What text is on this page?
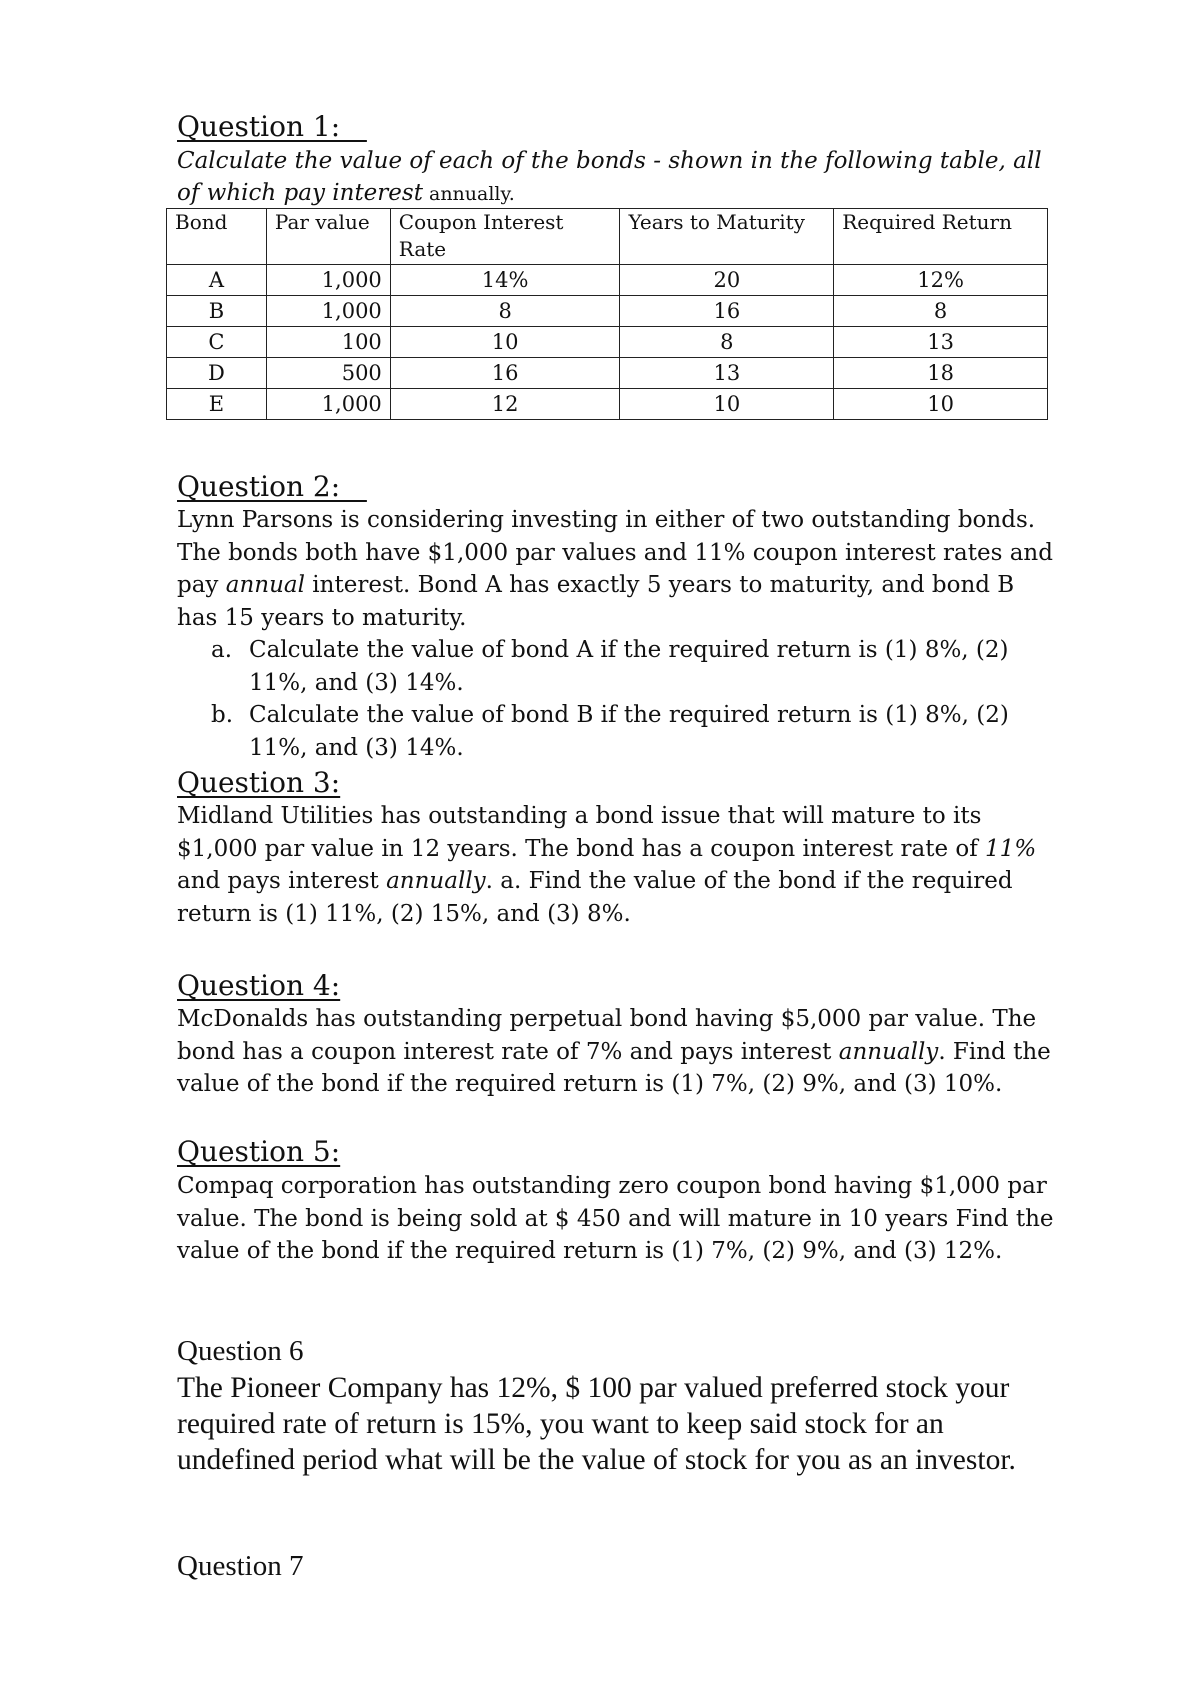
Question 1:

Calculate the value of each of the bonds - shown in the following table, all of which pay interest annually.

Bond	Par value	Coupon Interest Rate	Years to Maturity	Required Return
A	1,000	14%	20	12%
B	1,000	8	16	8
C	100	10	8	13
D	500	16	13	18
E	1,000	12	10	10
Question 2:

Lynn Parsons is considering investing in either of two outstanding bonds. The bonds both have $1,000 par values and 11% coupon interest rates and pay annual interest. Bond A has exactly 5 years to maturity, and bond B has 15 years to maturity.

a. Calculate the value of bond A if the required return is (1) 8%, (2) 11%, and (3) 14%.
b. Calculate the value of bond B if the required return is (1) 8%, (2) 11%, and (3) 14%.
Question 3:

Midland Utilities has outstanding a bond issue that will mature to its $1,000 par value in 12 years. The bond has a coupon interest rate of 11% and pays interest annually. a. Find the value of the bond if the required return is (1) 11%, (2) 15%, and (3) 8%.

Question 4:

McDonalds has outstanding perpetual bond having $5,000 par value. The bond has a coupon interest rate of 7% and pays interest annually. Find the value of the bond if the required return is (1) 7%, (2) 9%, and (3) 10%.

Question 5:

Compaq corporation has outstanding zero coupon bond having $1,000 par value. The bond is being sold at $ 450 and will mature in 10 years Find the value of the bond if the required return is (1) 7%, (2) 9%, and (3) 12%.

Question 6

The Pioneer Company has 12%, $ 100 par valued preferred stock your required rate of return is 15%, you want to keep said stock for an undefined period what will be the value of stock for you as an investor.

Question 7
